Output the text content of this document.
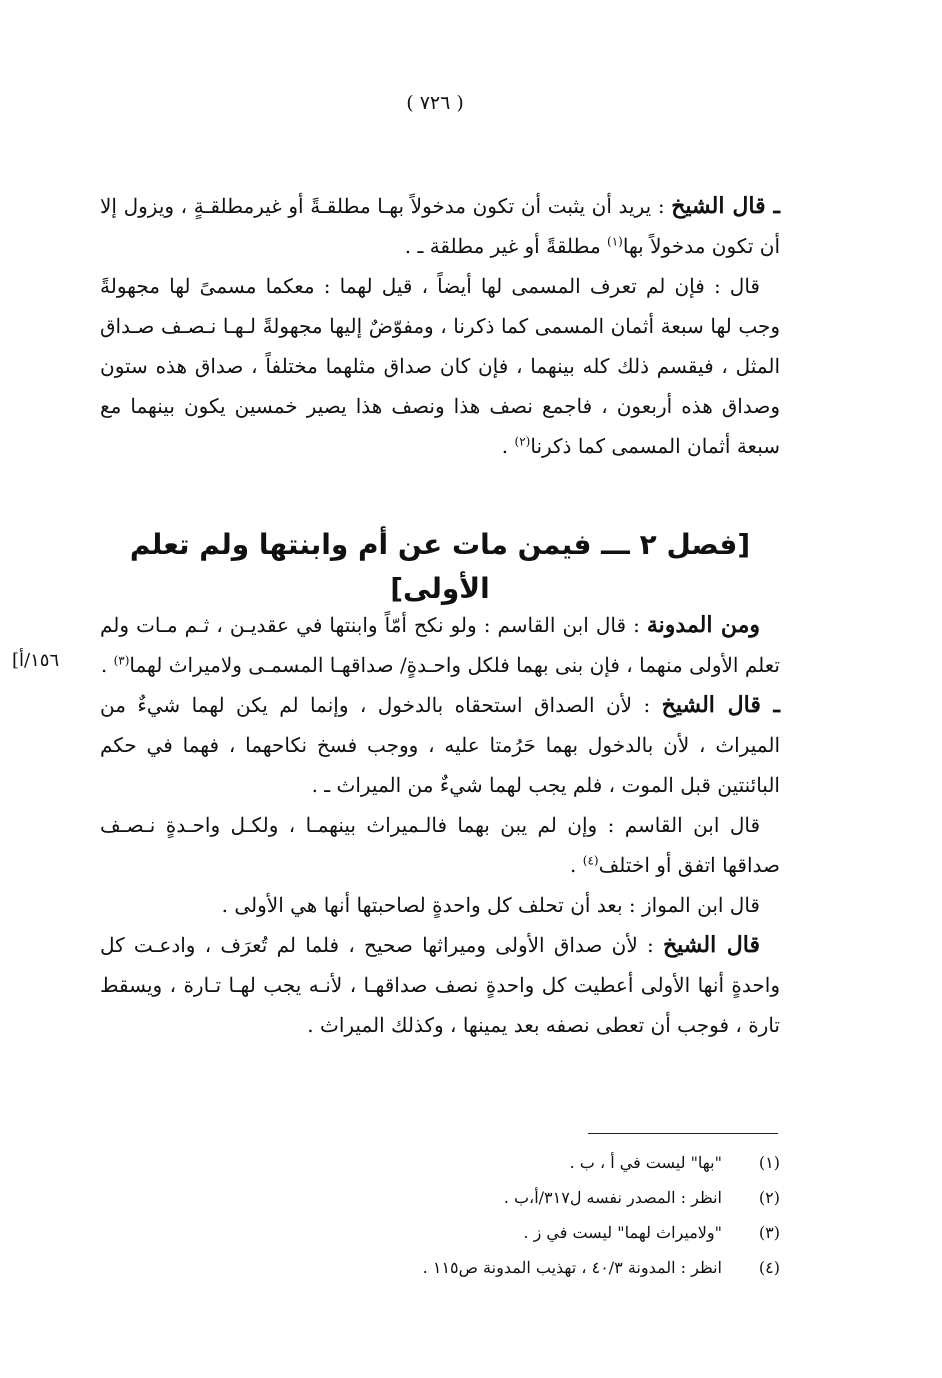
( ٧٢٦ )

ـ قال الشيخ : يريد أن يثبت أن تكون مدخولاً بهـا مطلقـةً أو غيرمطلقـةٍ ، ويزول إلا أن تكون مدخولاً بها$^{(١)}$ مطلقةً أو غير مطلقة ـ .

قال : فإن لم تعرف المسمى لها أيضاً ، قيل لهما : معكما مسمىً لها مجهولةً وجب لها سبعة أثمان المسمى كما ذكرنا ، ومفوّضٌ إليها مجهولةً لـهـا نـصـف صـداق المثل ، فيقسم ذلك كله بينهما ، فإن كان صداق مثلهما مختلفاً ، صداق هذه ستون وصداق هذه أربعون ، فاجمع نصف هذا ونصف هذا يصير خمسين يكون بينهما مع سبعة أثمان المسمى كما ذكرنا$^{(٢)}$ .

[فصل ٢ ـــ فيمن مات عن أم وابنتها ولم تعلم الأولى]
[١٥٦/أ

ومن المدونة : قال ابن القاسم : ولو نكح أمّاً وابنتها في عقديـن ، ثـم مـات ولم تعلم الأولى منهما ، فإن بنى بهما فلكل واحـدةٍ/ صداقهـا المسمـى ولاميراث لهما$^{(٣)}$ .

ـ قال الشيخ : لأن الصداق استحقاه بالدخول ، وإنما لم يكن لهما شيءٌ من الميراث ، لأن بالدخول بهما حَرُمتا عليه ، ووجب فسخ نكاحهما ، فهما في حكم البائنتين قبل الموت ، فلم يجب لهما شيءٌ من الميراث ـ .

قال ابن القاسم : وإن لم يبن بهما فالـميراث بينهمـا ، ولكـل واحـدةٍ نـصـف صداقها اتفق أو اختلف$^{(٤)}$ .

قال ابن المواز : بعد أن تحلف كل واحدةٍ لصاحبتها أنها هي الأولى .

قال الشيخ : لأن صداق الأولى وميراثها صحيح ، فلما لم تُعرَف ، وادعـت كل واحدةٍ أنها الأولى أعطيت كل واحدةٍ نصف صداقهـا ، لأنـه يجب لهـا تـارة ، ويسقط تارة ، فوجب أن تعطى نصفه بعد يمينها ، وكذلك الميراث .

(١)
"بها" ليست في أ ، ب .
(٢)
انظر : المصدر نفسه ل٣١٧/أ،ب .
(٣)
"ولاميراث لهما" ليست في ز .
(٤)
انظر : المدونة ٤٠/٣ ، تهذيب المدونة ص١١٥ .
